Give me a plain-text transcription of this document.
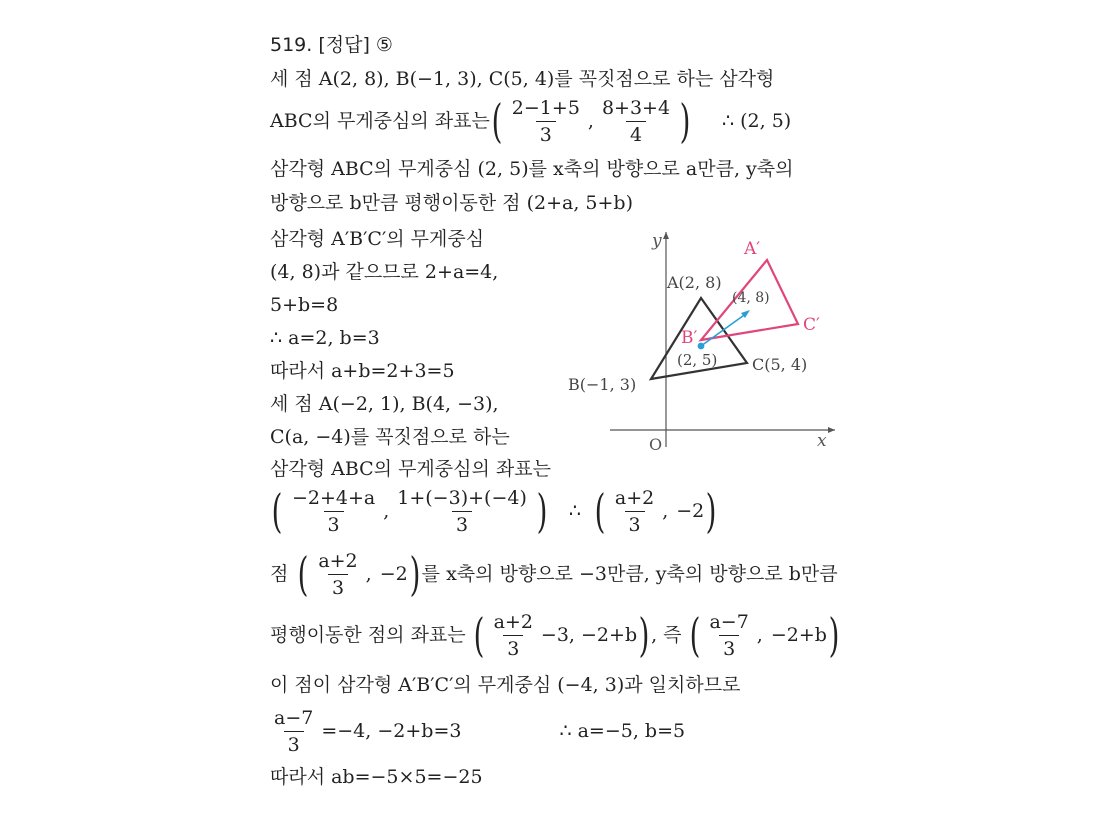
519. [정답] ⑤
세 점 A(2, 8), B(−1, 3), C(5, 4)를 꼭짓점으로 하는 삼각형
ABC의 무게중심의 좌표는 ( $\frac{2-1+5}{3}$ , $\frac{8+3+4}{4}$ ) ∴ (2, 5)
삼각형 ABC의 무게중심 (2, 5)를 x축의 방향으로 a만큼, y축의
방향으로 b만큼 평행이동한 점 (2+a, 5+b)
삼각형 A′B′C′의 무게중심
(4, 8)과 같으므로 2+a=4,
5+b=8
∴ a=2, b=3
따라서 a+b=2+3=5
세 점 A(−2, 1), B(4, −3),
C(a, −4)를 꼭짓점으로 하는
삼각형 ABC의 무게중심의 좌표는
( $\frac{-2+4+a}{3}$ , $\frac{1+(-3)+(-4)}{3}$ ) ∴ ( $\frac{a+2}{3}$ , −2 )
점 ( $\frac{a+2}{3}$ , −2 ) 를 x축의 방향으로 −3만큼, y축의 방향으로 b만큼
평행이동한 점의 좌표는 ( $\frac{a+2}{3} -3$, −2+b ) , 즉 ( $\frac{a-7}{3}$ , −2+b )
이 점이 삼각형 A′B′C′의 무게중심 (−4, 3)과 일치하므로
$\frac{a-7}{3} =-4$, −2+b=3	∴ a=−5, b=5
따라서 ab=−5×5=−25
y
x
O
A(2, 8)
B(−1, 3)
C(5, 4)
A′
B′
C′
(2, 5)
(4, 8)
